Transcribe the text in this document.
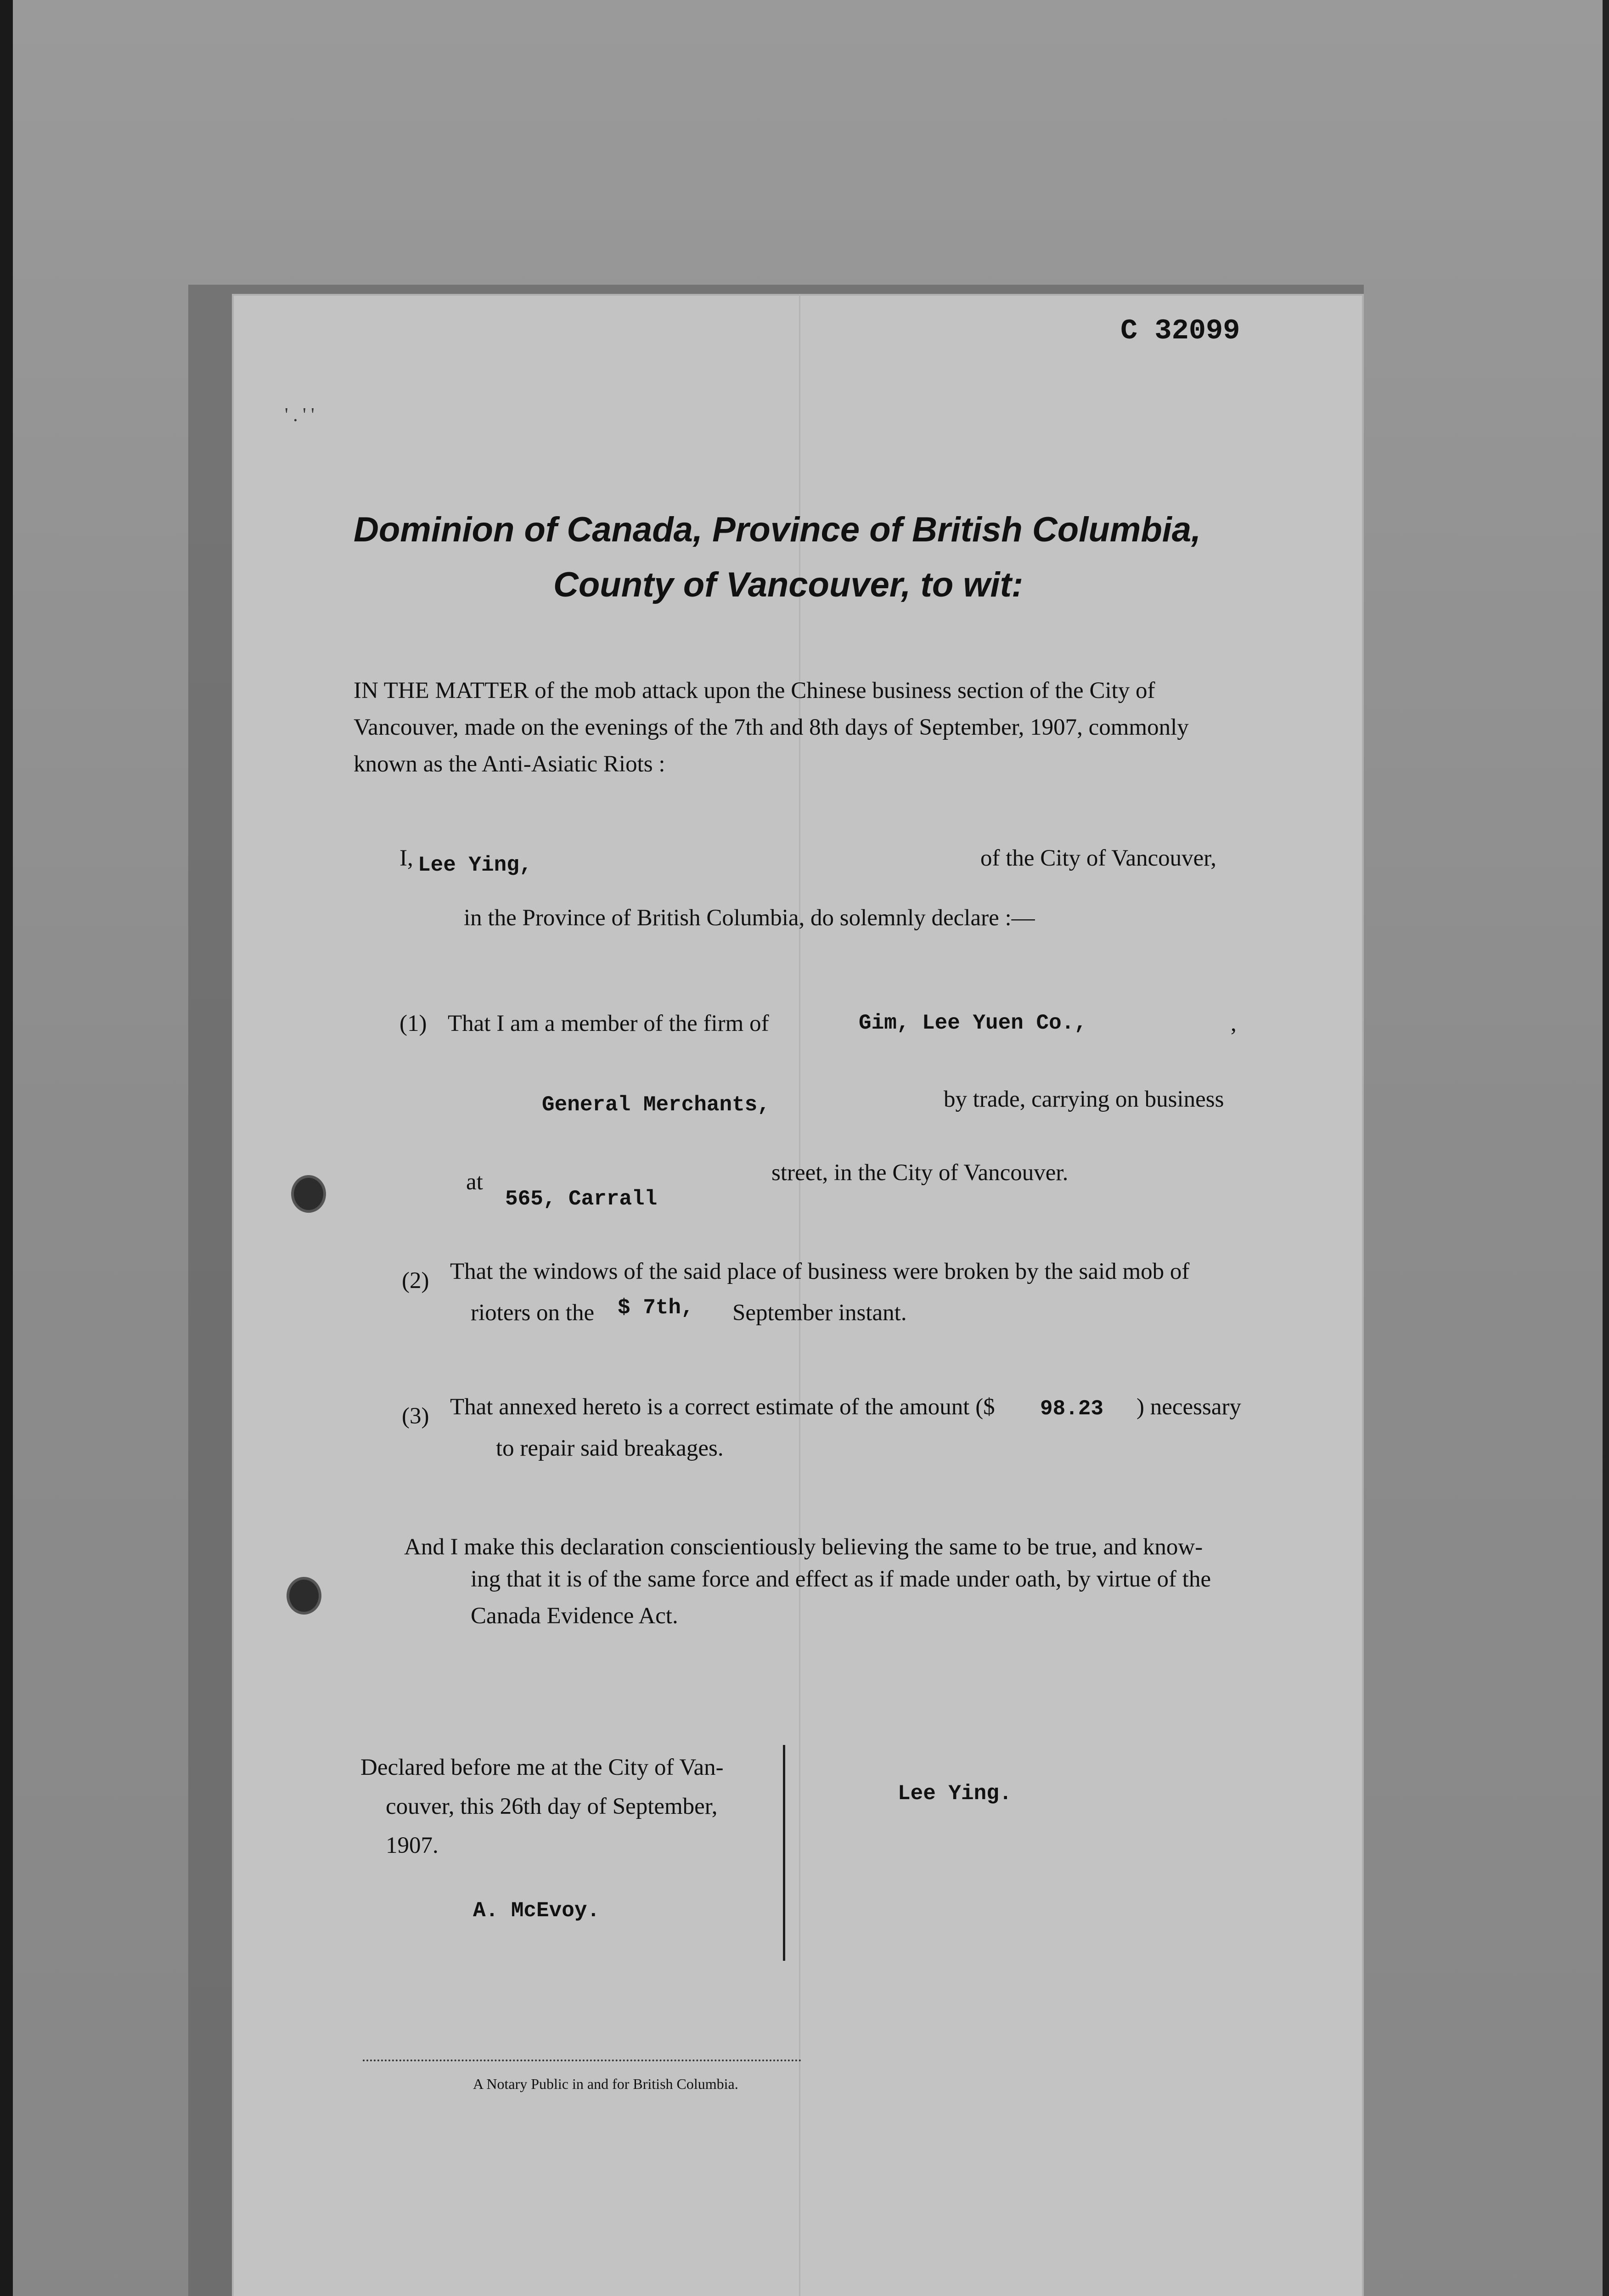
C 32099
' . ' '
Dominion of Canada, Province of British Columbia,
County of Vancouver, to wit:
IN THE MATTER of the mob attack upon the Chinese business section of the City of
Vancouver, made on the evenings of the 7th and 8th days of September, 1907, commonly
known as the Anti-Asiatic Riots :
I, Lee Ying,	of the City of Vancouver,
in the Province of British Columbia, do solemnly declare :—
(1) That I am a member of the firm of	Gim, Lee Yuen Co.,	,
General Merchants,	by trade, carrying on business
at
565, Carrall
street, in the City of Vancouver.
(2) That the windows of the said place of business were broken by the said mob of
rioters on the $ 7th, September instant.
(3) That annexed hereto is a correct estimate of the amount ($ 98.23 ) necessary
to repair said breakages.
And I make this declaration conscientiously believing the same to be true, and know-
ing that it is of the same force and effect as if made under oath, by virtue of the
Canada Evidence Act.
Declared before me at the City of Van-
couver, this 26th day of September,
1907.
Lee Ying.
A. McEvoy.
A Notary Public in and for British Columbia.
